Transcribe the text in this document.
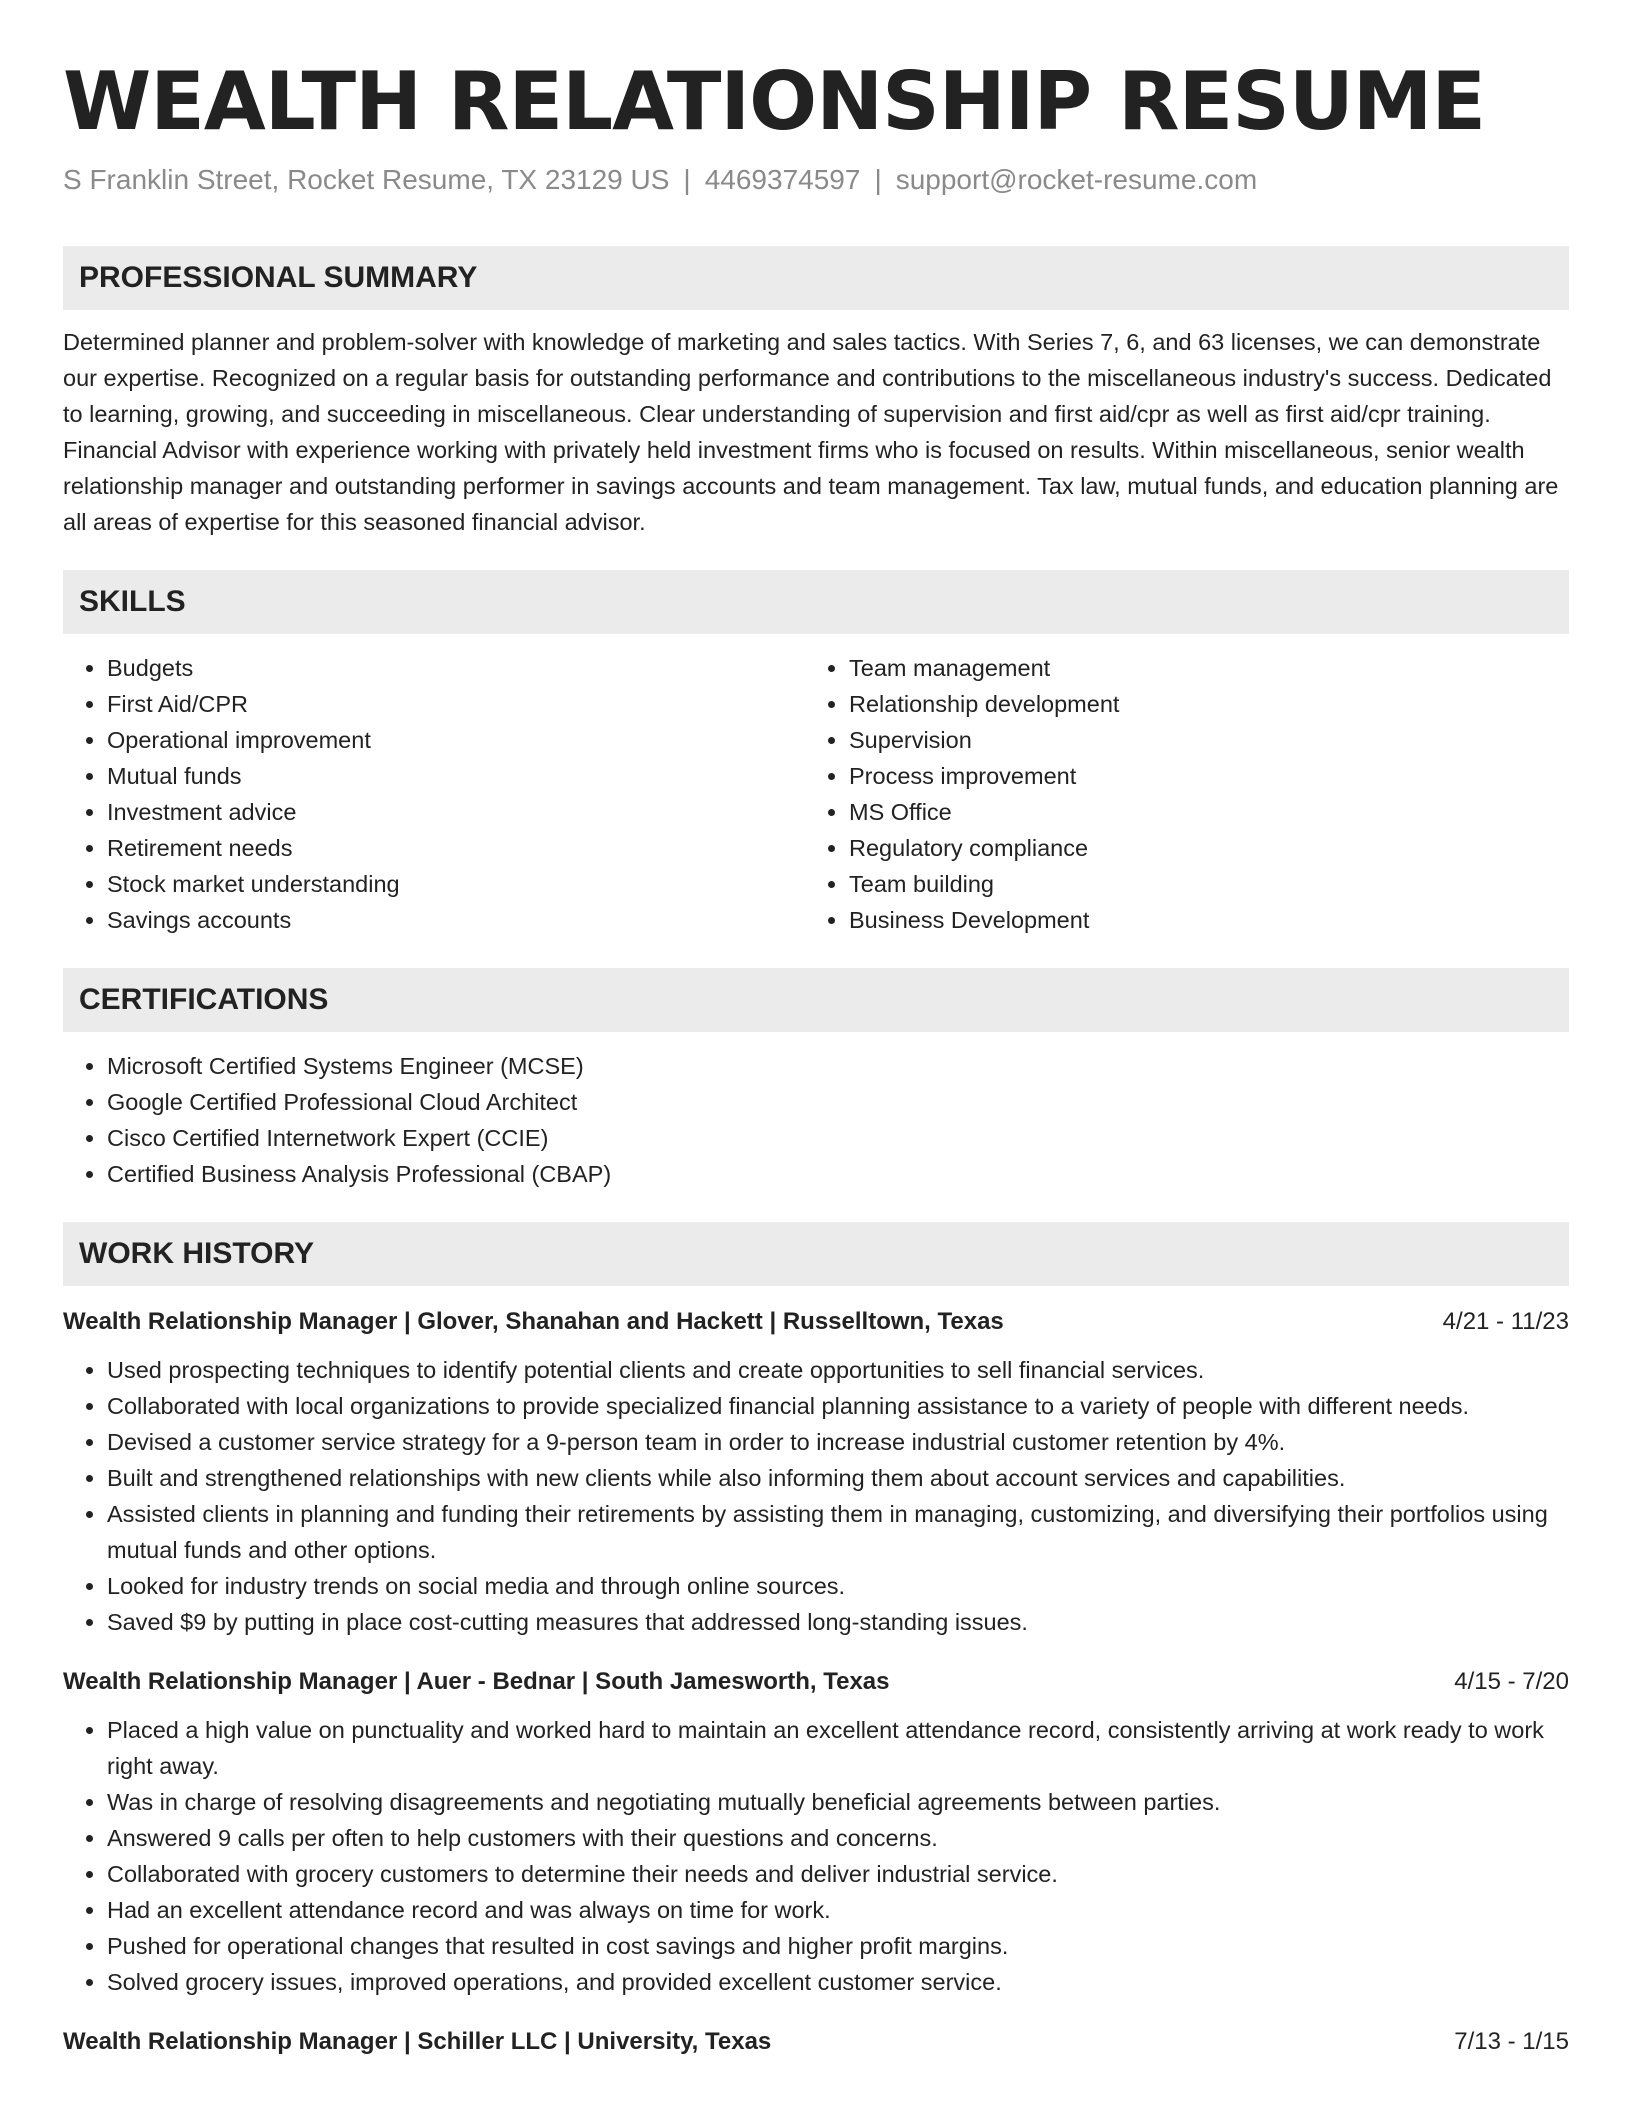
WEALTH RELATIONSHIP RESUME
S Franklin Street, Rocket Resume, TX 23129 US | 4469374597 | support@rocket-resume.com
PROFESSIONAL SUMMARY

Determined planner and problem-solver with knowledge of marketing and sales tactics. With Series 7, 6, and 63 licenses, we can demonstrate our expertise. Recognized on a regular basis for outstanding performance and contributions to the miscellaneous industry's success. Dedicated to learning, growing, and succeeding in miscellaneous. Clear understanding of supervision and first aid/cpr as well as first aid/cpr training. Financial Advisor with experience working with privately held investment firms who is focused on results. Within miscellaneous, senior wealth relationship manager and outstanding performer in savings accounts and team management. Tax law, mutual funds, and education planning are all areas of expertise for this seasoned financial advisor.

SKILLS
• Budgets
• First Aid/CPR
• Operational improvement
• Mutual funds
• Investment advice
• Retirement needs
• Stock market understanding
• Savings accounts
• Team management
• Relationship development
• Supervision
• Process improvement
• MS Office
• Regulatory compliance
• Team building
• Business Development
CERTIFICATIONS
• Microsoft Certified Systems Engineer (MCSE)
• Google Certified Professional Cloud Architect
• Cisco Certified Internetwork Expert (CCIE)
• Certified Business Analysis Professional (CBAP)
WORK HISTORY
Wealth Relationship Manager | Glover, Shanahan and Hackett | Russelltown, Texas	4/21 - 11/23
• Used prospecting techniques to identify potential clients and create opportunities to sell financial services.
• Collaborated with local organizations to provide specialized financial planning assistance to a variety of people with different needs.
• Devised a customer service strategy for a 9-person team in order to increase industrial customer retention by 4%.
• Built and strengthened relationships with new clients while also informing them about account services and capabilities.
• Assisted clients in planning and funding their retirements by assisting them in managing, customizing, and diversifying their portfolios using mutual funds and other options.
• Looked for industry trends on social media and through online sources.
• Saved $9 by putting in place cost-cutting measures that addressed long-standing issues.
Wealth Relationship Manager | Auer - Bednar | South Jamesworth, Texas	4/15 - 7/20
• Placed a high value on punctuality and worked hard to maintain an excellent attendance record, consistently arriving at work ready to work right away.
• Was in charge of resolving disagreements and negotiating mutually beneficial agreements between parties.
• Answered 9 calls per often to help customers with their questions and concerns.
• Collaborated with grocery customers to determine their needs and deliver industrial service.
• Had an excellent attendance record and was always on time for work.
• Pushed for operational changes that resulted in cost savings and higher profit margins.
• Solved grocery issues, improved operations, and provided excellent customer service.
Wealth Relationship Manager | Schiller LLC | University, Texas	7/13 - 1/15
